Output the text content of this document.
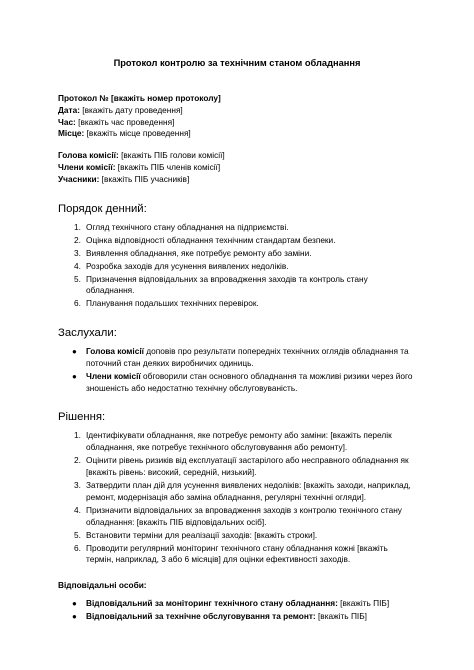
Протокол контролю за технічним станом обладнання

Протокол № [вкажіть номер протоколу]

Дата: [вкажіть дату проведення]

Час: [вкажіть час проведення]

Місце: [вкажіть місце проведення]

Голова комісії: [вкажіть ПІБ голови комісії]

Члени комісії: [вкажіть ПІБ членів комісії]

Учасники: [вкажіть ПІБ учасників]

Порядок денний:
1. Огляд технічного стану обладнання на підприємстві.
2. Оцінка відповідності обладнання технічним стандартам безпеки.
3. Виявлення обладнання, яке потребує ремонту або заміни.
4. Розробка заходів для усунення виявлених недоліків.
5. Призначення відповідальних за впровадження заходів та контроль стану обладнання.
6. Планування подальших технічних перевірок.
Заслухали:
● Голова комісії доповів про результати попередніх технічних оглядів обладнання та поточний стан деяких виробничих одиниць.
● Члени комісії обговорили стан основного обладнання та можливі ризики через його зношеність або недостатню технічну обслуговуваність.
Рішення:
1. Ідентифікувати обладнання, яке потребує ремонту або заміни: [вкажіть перелік обладнання, яке потребує технічного обслуговування або ремонту].
2. Оцінити рівень ризиків від експлуатації застарілого або несправного обладнання як [вкажіть рівень: високий, середній, низький].
3. Затвердити план дій для усунення виявлених недоліків: [вкажіть заходи, наприклад, ремонт, модернізація або заміна обладнання, регулярні технічні огляди].
4. Призначити відповідальних за впровадження заходів з контролю технічного стану обладнання: [вкажіть ПІБ відповідальних осіб].
5. Встановити терміни для реалізації заходів: [вкажіть строки].
6. Проводити регулярний моніторинг технічного стану обладнання кожні [вкажіть термін, наприклад, 3 або 6 місяців] для оцінки ефективності заходів.

Відповідальні особи:

● Відповідальний за моніторинг технічного стану обладнання: [вкажіть ПІБ]
● Відповідальний за технічне обслуговування та ремонт: [вкажіть ПІБ]
